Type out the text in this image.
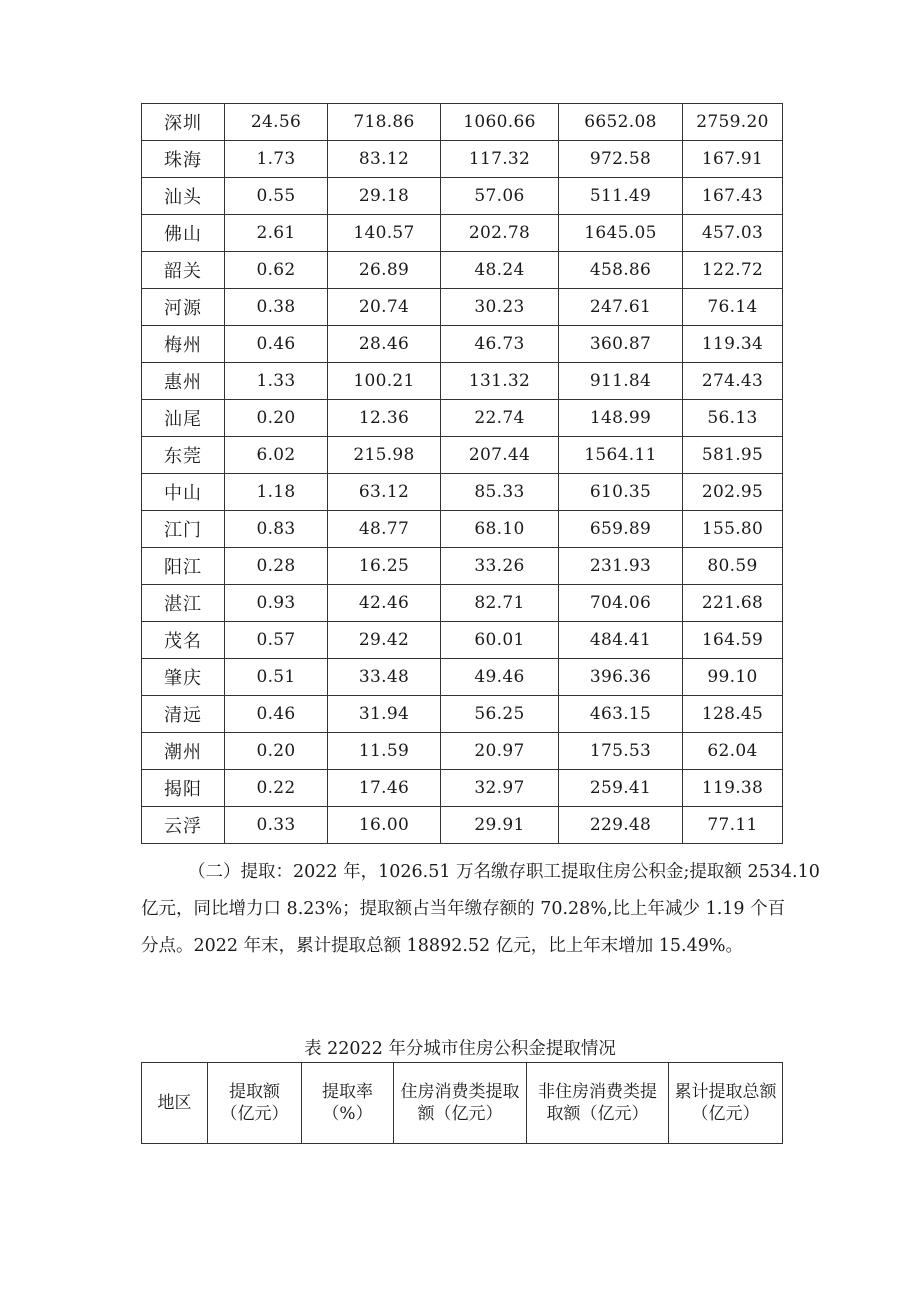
深圳	24.56	718.86	1060.66	6652.08	2759.20
珠海	1.73	83.12	117.32	972.58	167.91
汕头	0.55	29.18	57.06	511.49	167.43
佛山	2.61	140.57	202.78	1645.05	457.03
韶关	0.62	26.89	48.24	458.86	122.72
河源	0.38	20.74	30.23	247.61	76.14
梅州	0.46	28.46	46.73	360.87	119.34
惠州	1.33	100.21	131.32	911.84	274.43
汕尾	0.20	12.36	22.74	148.99	56.13
东莞	6.02	215.98	207.44	1564.11	581.95
中山	1.18	63.12	85.33	610.35	202.95
江门	0.83	48.77	68.10	659.89	155.80
阳江	0.28	16.25	33.26	231.93	80.59
湛江	0.93	42.46	82.71	704.06	221.68
茂名	0.57	29.42	60.01	484.41	164.59
肇庆	0.51	33.48	49.46	396.36	99.10
清远	0.46	31.94	56.25	463.15	128.45
潮州	0.20	11.59	20.97	175.53	62.04
揭阳	0.22	17.46	32.97	259.41	119.38
云浮	0.33	16.00	29.91	229.48	77.11
（二）提取：2022 年，1026.51 万名缴存职工提取住房公积金;提取额 2534.10
亿元，同比增力口 8.23%；提取额占当年缴存额的 70.28%,比上年减少 1.19 个百
分点。2022 年末，累计提取总额 18892.52 亿元，比上年末增加 15.49%。
表 22022 年分城市住房公积金提取情况
地区

提取额
（亿元）

提取率
（%）

住房消费类提取
额（亿元）

非住房消费类提
取额（亿元）

累计提取总额
（亿元）
